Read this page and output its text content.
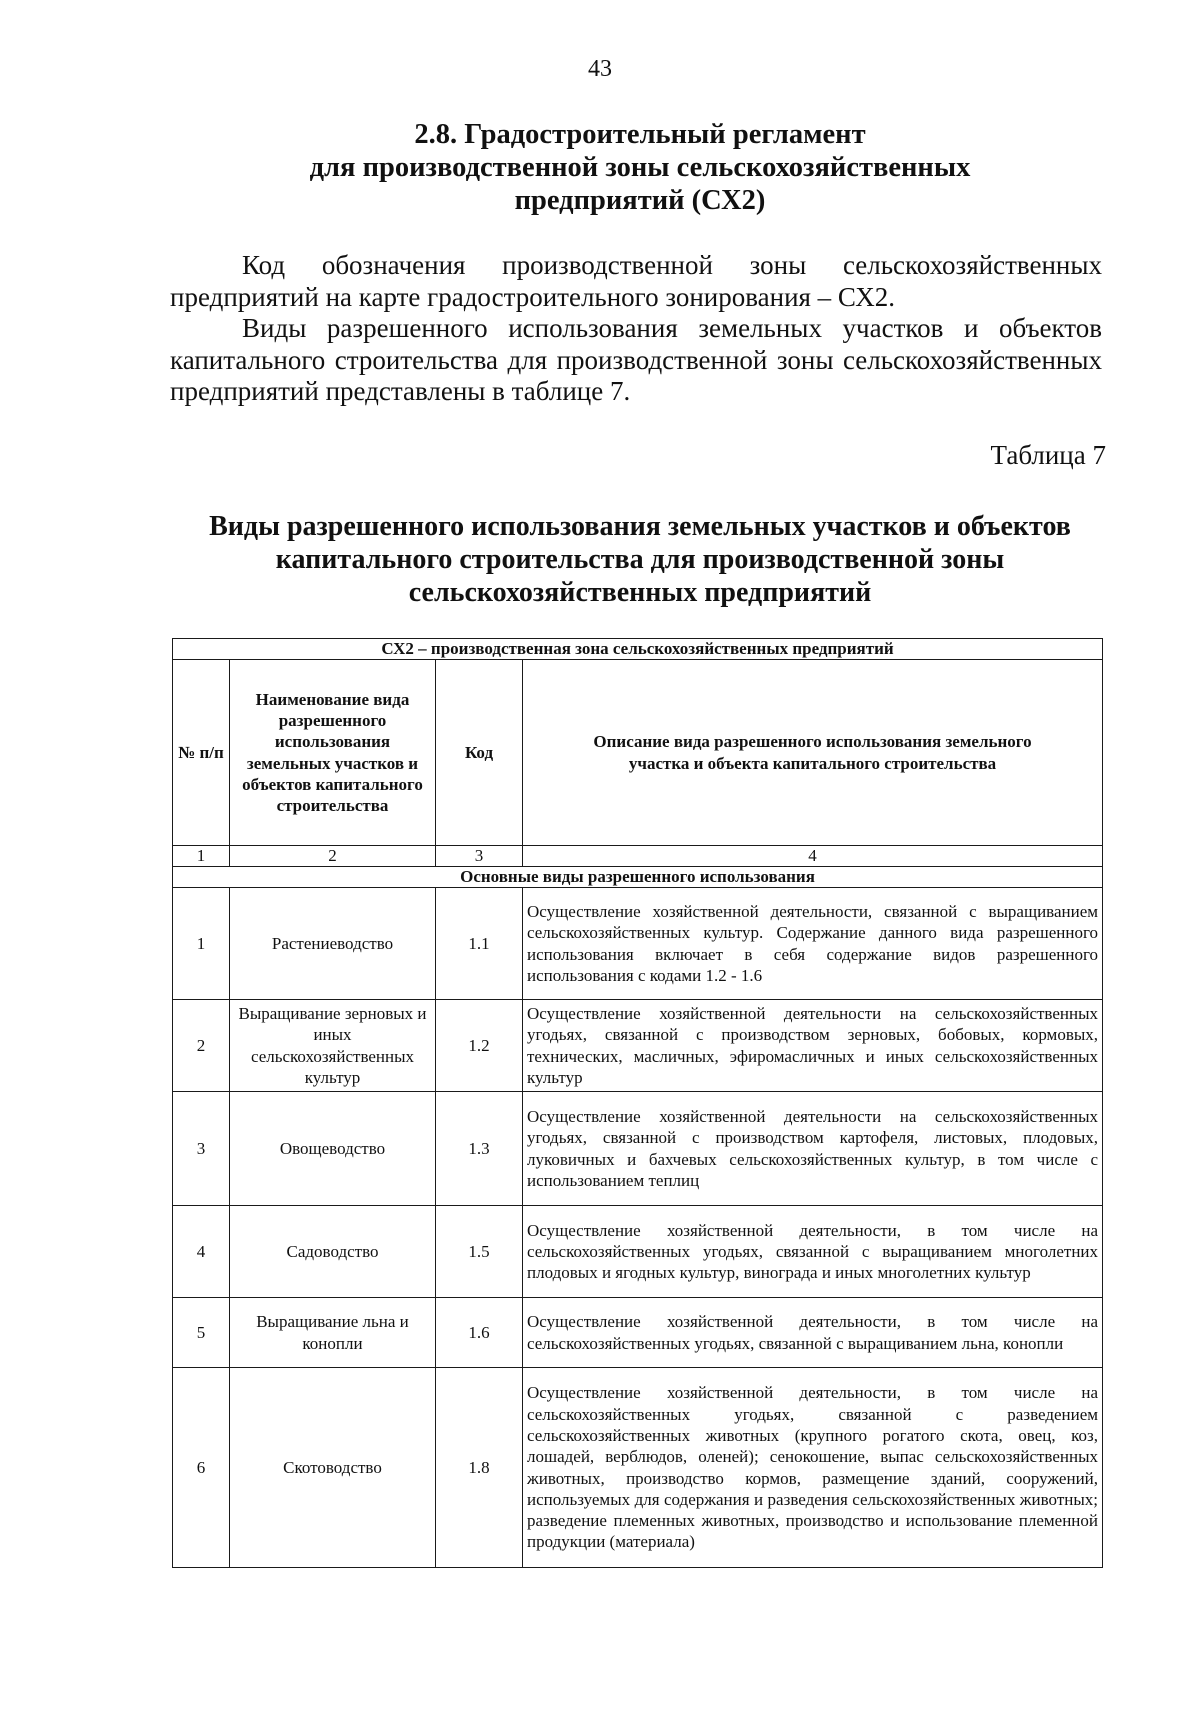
43
2.8. Градостроительный регламент
для производственной зоны сельскохозяйственных
предприятий (СХ2)

Код обозначения производственной зоны сельскохозяйственных предприятий на карте градостроительного зонирования – СХ2.

Виды разрешенного использования земельных участков и объектов капитального строительства для производственной зоны сельскохозяйственных предприятий представлены в таблице 7.

Таблица 7
Виды разрешенного использования земельных участков и объектов
капитального строительства для производственной зоны
сельскохозяйственных предприятий
СХ2 – производственная зона сельскохозяйственных предприятий			
№ п/п	Наименование вида разрешенного использования земельных участков и объектов капитального строительства	Код	Описание вида разрешенного использования земельного участка и объекта капитального строительства
1	2	3	4
Основные виды разрешенного использования			
1	Растениеводство	1.1	Осуществление хозяйственной деятельности, связанной с выращиванием сельскохозяйственных культур. Содержание данного вида разрешенного использования включает в себя содержание видов разрешенного использования с кодами 1.2 - 1.6
2	Выращивание зерновых и иных сельскохозяйственных культур	1.2	Осуществление хозяйственной деятельности на сельскохозяйственных угодьях, связанной с производством зерновых, бобовых, кормовых, технических, масличных, эфиромасличных и иных сельскохозяйственных культур
3	Овощеводство	1.3	Осуществление хозяйственной деятельности на сельскохозяйственных угодьях, связанной с производством картофеля, листовых, плодовых, луковичных и бахчевых сельскохозяйственных культур, в том числе с использованием теплиц
4	Садоводство	1.5	Осуществление хозяйственной деятельности, в том числе на сельскохозяйственных угодьях, связанной с выращиванием многолетних плодовых и ягодных культур, винограда и иных многолетних культур
5	Выращивание льна и конопли	1.6	Осуществление хозяйственной деятельности, в том числе на сельскохозяйственных угодьях, связанной с выращиванием льна, конопли
6	Скотоводство	1.8	Осуществление хозяйственной деятельности, в том числе на сельскохозяйственных угодьях, связанной с разведением сельскохозяйственных животных (крупного рогатого скота, овец, коз, лошадей, верблюдов, оленей); сенокошение, выпас сельскохозяйственных животных, производство кормов, размещение зданий, сооружений, используемых для содержания и разведения сельскохозяйственных животных; разведение племенных животных, производство и использование племенной продукции (материала)
